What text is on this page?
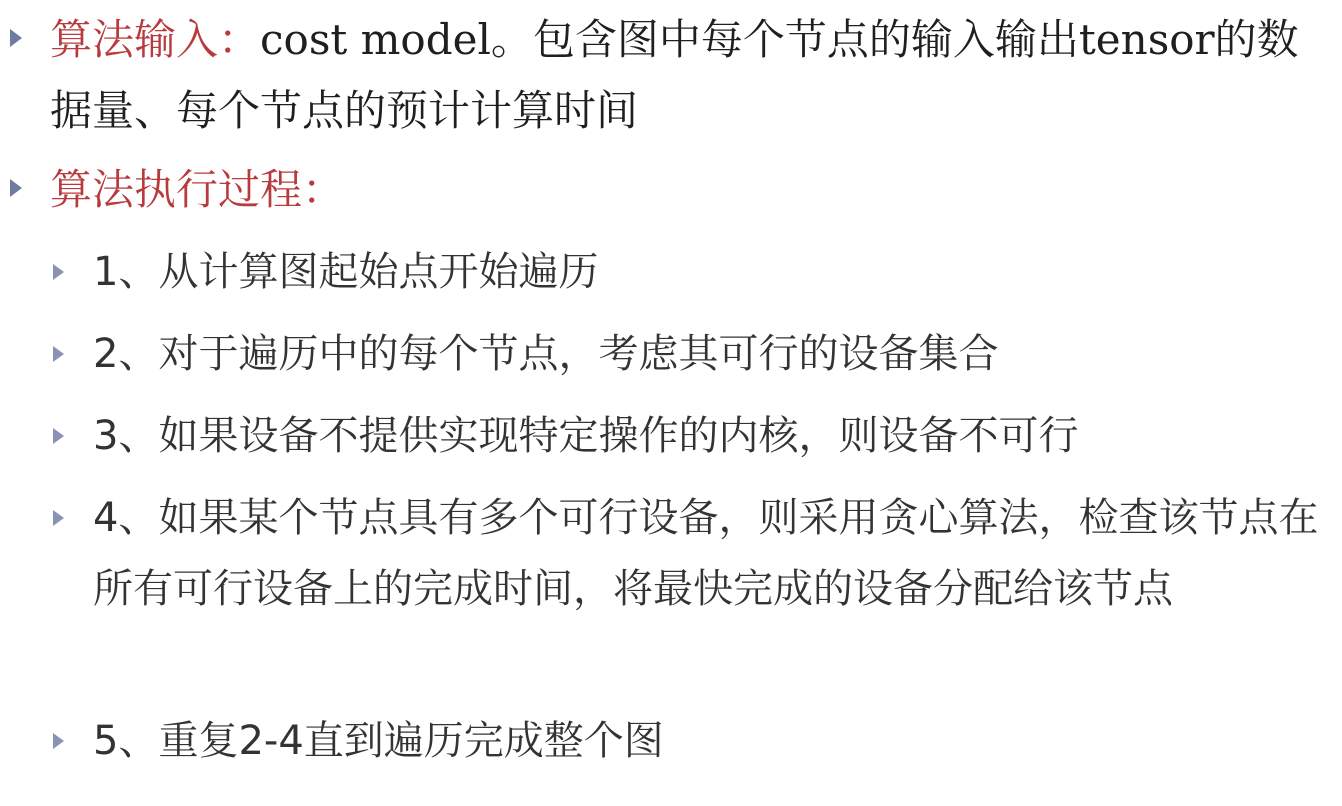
算法输入：cost model。包含图中每个节点的输入输出tensor的数据量、每个节点的预计计算时间
算法执行过程：
1、从计算图起始点开始遍历
2、对于遍历中的每个节点，考虑其可行的设备集合
3、如果设备不提供实现特定操作的内核，则设备不可行
4、如果某个节点具有多个可行设备，则采用贪心算法，检查该节点在所有可行设备上的完成时间，将最快完成的设备分配给该节点
5、重复2-4直到遍历完成整个图
